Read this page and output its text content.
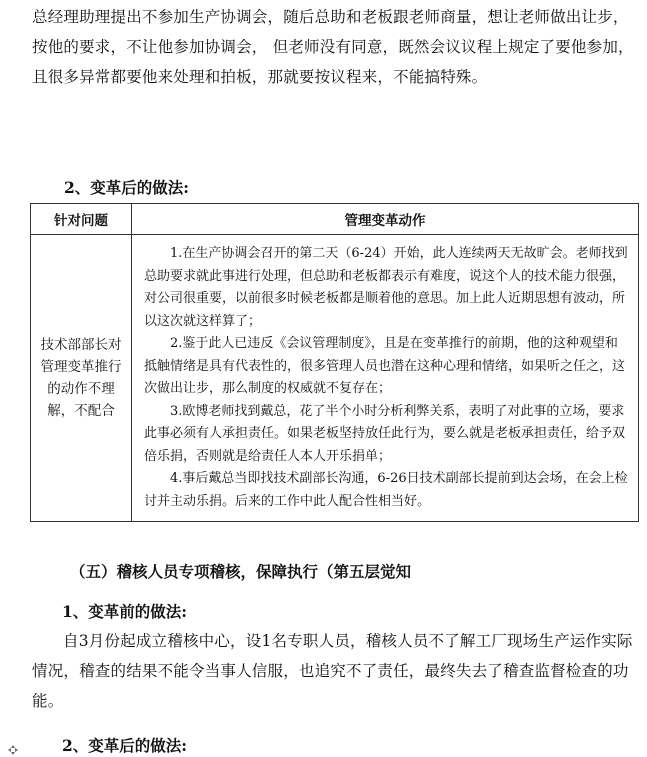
总经理助理提出不参加生产协调会，随后总助和老板跟老师商量，想让老师做出让步，按他的要求，不让他参加协调会， 但老师没有同意，既然会议议程上规定了要他参加，且很多异常都要他来处理和拍板，那就要按议程来，不能搞特殊。
2、变革后的做法:
针对问题	管理变革动作
技术部部长对管理变革推行的动作不理解，不配合	1.在生产协调会召开的第二天（6-24）开始，此人连续两天无故旷会。老师找到总助要求就此事进行处理，但总助和老板都表示有难度，说这个人的技术能力很强，对公司很重要，以前很多时候老板都是顺着他的意思。加上此人近期思想有波动，所以这次就这样算了；

2.鉴于此人已违反《会议管理制度》，且是在变革推行的前期，他的这种观望和抵触情绪是具有代表性的，很多管理人员也潜在这种心理和情绪，如果听之任之，这次做出让步，那么制度的权威就不复存在；

3.欧博老师找到戴总，花了半个小时分析利弊关系，表明了对此事的立场，要求此事必须有人承担责任。如果老板坚持放任此行为，要么就是老板承担责任，给予双倍乐捐，否则就是给责任人本人开乐捐单；

4.事后戴总当即找技术副部长沟通，6-26日技术副部长提前到达会场，在会上检讨并主动乐捐。后来的工作中此人配合性相当好。

（五）稽核人员专项稽核，保障执行（第五层觉知
1、变革前的做法:
自3月份起成立稽核中心，设1名专职人员，稽核人员不了解工厂现场生产运作实际情况，稽查的结果不能令当事人信服，也追究不了责任，最终失去了稽查监督检查的功能。
2、变革后的做法:
